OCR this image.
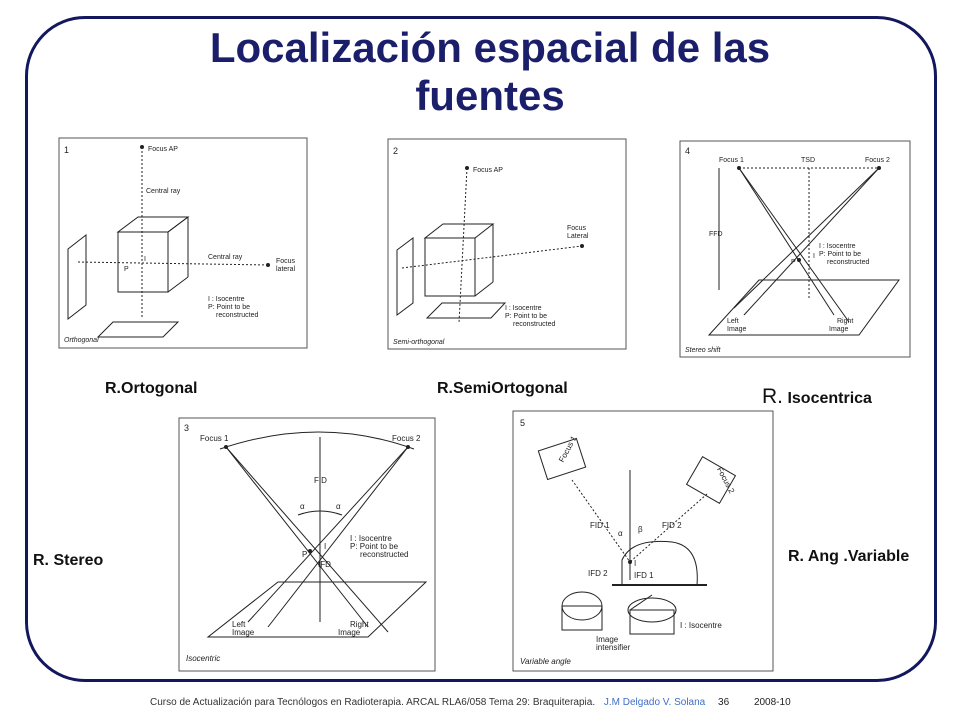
Localización espacial de las fuentes
1	Focus AP
Central ray
Central ray
Focus
lateral
P
I
I : Isocentre
P: Point to be
reconstructed
Orthogonal
2
Focus AP
Focus
Lateral
I : Isocentre
P: Point to be
reconstructed
Semi-orthogonal
4
Focus 1	Focus 2
TSD
FFD
P
I
I : Isocentre
P: Point to be
reconstructed
Left
Image
Right
Image
Stereo shift
3
Focus 1	Focus 2
FID
α	α
P
I
IFD
I : Isocentre
P: Point to be
reconstructed
Left
Image
Right
Image
Isocentric
5
Focus 1
Focus 2
FID 1	FID 2
α β
I
IFD 1
IFD 2
Image
intensifier
I : Isocentre
Variable angle
R.Ortogonal	R.SemiOrtogonal	R. Isocentrica
R. Stereo	R. Ang .Variable
Curso de Actualización para Tecnólogos en Radioterapia. ARCAL RLA6/058 Tema 29: Braquiterapia. J.M Delgado V. Solana 36 2008-10
